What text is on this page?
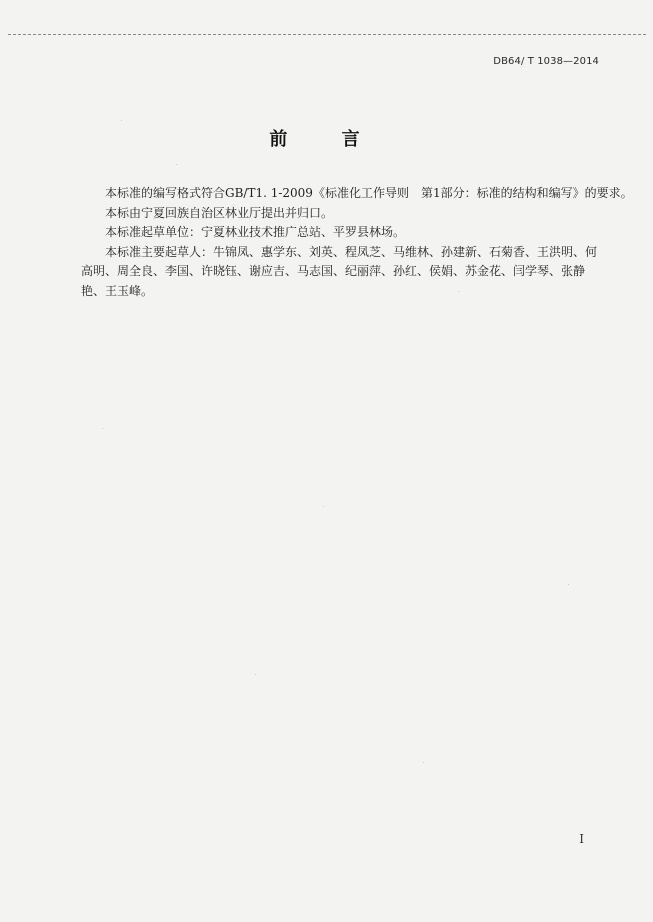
DB64/ T 1038—2014
前 言

本标准的编写格式符合GB/T1. 1-2009《标准化工作导则　第1部分：标准的结构和编写》的要求。

本标由宁夏回族自治区林业厅提出并归口。

本标准起草单位：宁夏林业技术推广总站、平罗县林场。

本标准主要起草人：牛锦凤、惠学东、刘英、程凤芝、马维林、孙建新、石菊香、王洪明、何高明、周全良、李国、许晓钰、谢应吉、马志国、纪丽萍、孙红、侯娟、苏金花、闫学琴、张静艳、王玉峰。

I
